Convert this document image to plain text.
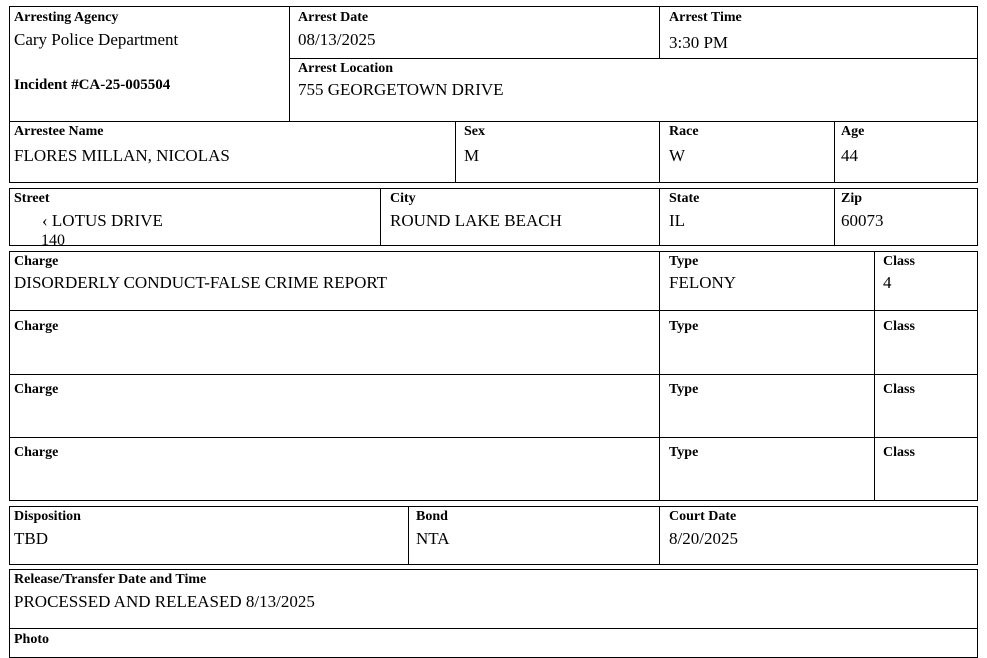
Arresting Agency
Cary Police Department
Incident #CA-25-005504
Arrest Date
08/13/2025
Arrest Time
3:30 PM
Arrest Location
755 GEORGETOWN DRIVE
Arrestee Name
FLORES MILLAN, NICOLAS
Sex
M
Race
W
Age
44
Street
‹ LOTUS DRIVE
140
City
ROUND LAKE BEACH
State
IL
Zip
60073
Charge
DISORDERLY CONDUCT-FALSE CRIME REPORT
Type
FELONY
Class
4
Charge	Type	Class
Charge	Type	Class
Charge	Type	Class
Disposition
TBD
Bond
NTA
Court Date
8/20/2025
Release/Transfer Date and Time
PROCESSED AND RELEASED 8/13/2025
Photo
